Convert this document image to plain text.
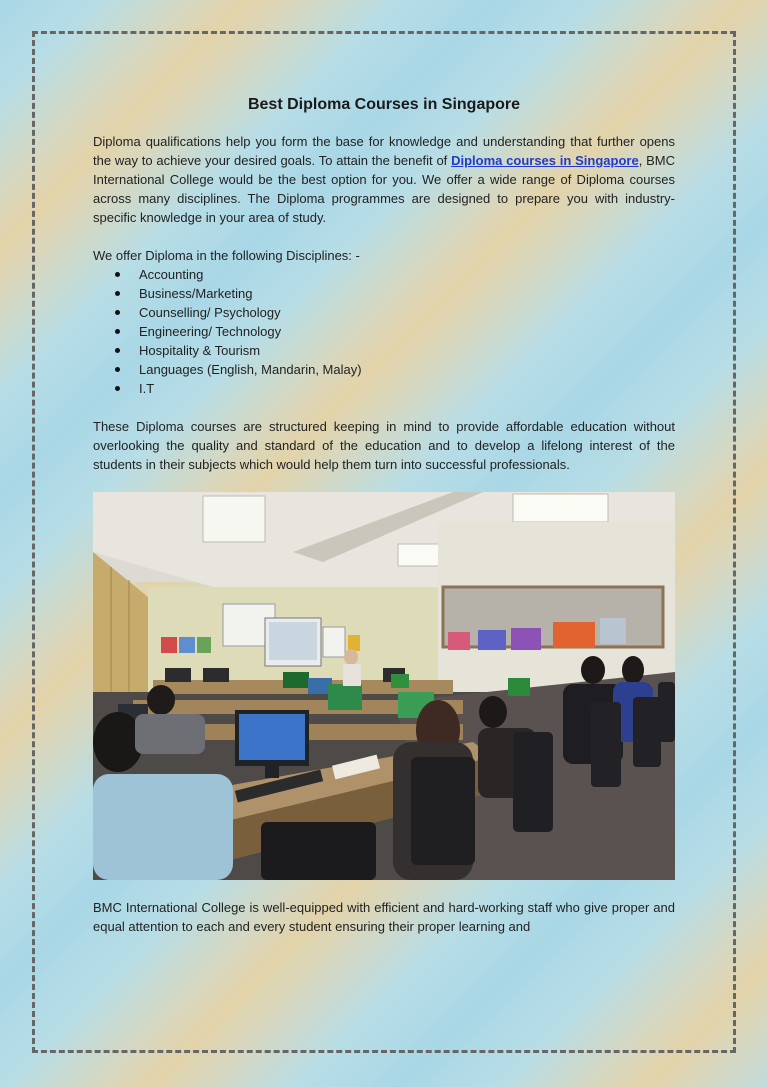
Best Diploma Courses in Singapore

Diploma qualifications help you form the base for knowledge and understanding that further opens the way to achieve your desired goals. To attain the benefit of Diploma courses in Singapore, BMC International College would be the best option for you. We offer a wide range of Diploma courses across many disciplines. The Diploma programmes are designed to prepare you with industry-specific knowledge in your area of study.

We offer Diploma in the following Disciplines: -

Accounting
Business/Marketing
Counselling/ Psychology
Engineering/ Technology
Hospitality & Tourism
Languages (English, Mandarin, Malay)
I.T

These Diploma courses are structured keeping in mind to provide affordable education without overlooking the quality and standard of the education and to develop a lifelong interest of the students in their subjects which would help them turn into successful professionals.

BMC International College is well-equipped with efficient and hard-working staff who give proper and equal attention to each and every student ensuring their proper learning and
